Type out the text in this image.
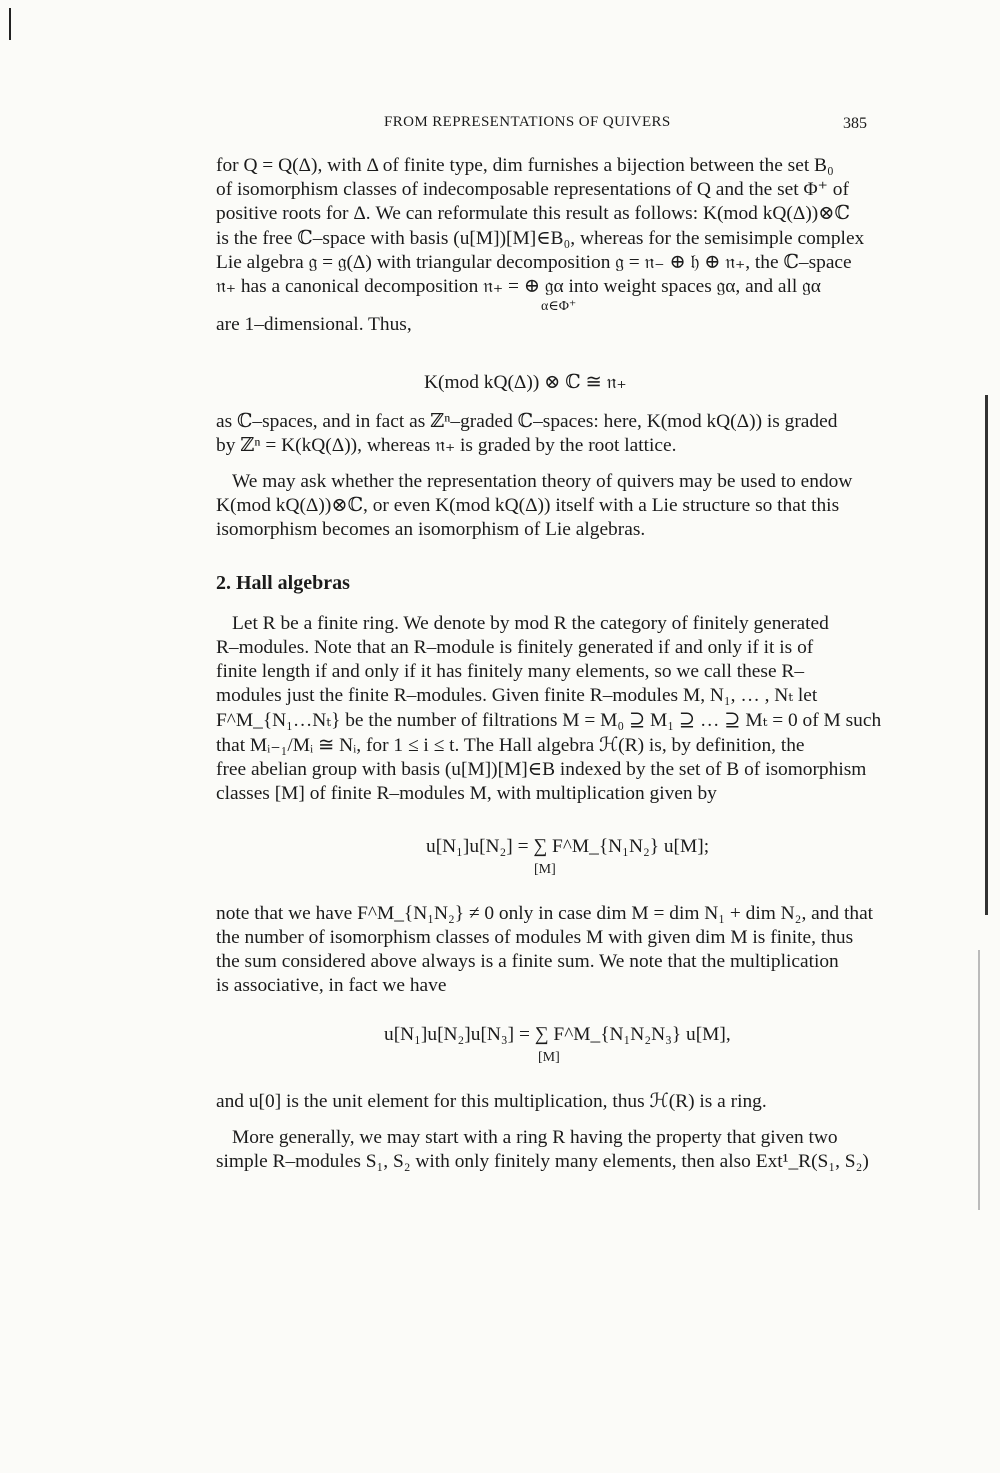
FROM REPRESENTATIONS OF QUIVERS	385
for Q = Q(Δ), with Δ of finite type, dim furnishes a bijection between the set B₀
of isomorphism classes of indecomposable representations of Q and the set Φ⁺ of
positive roots for Δ. We can reformulate this result as follows: K(mod kQ(Δ))⊗ℂ
is the free ℂ–space with basis (u[M])[M]∈B₀, whereas for the semisimple complex
Lie algebra 𝔤 = 𝔤(Δ) with triangular decomposition 𝔤 = 𝔫₋ ⊕ 𝔥 ⊕ 𝔫₊, the ℂ–space
𝔫₊ has a canonical decomposition 𝔫₊ = ⊕ 𝔤α into weight spaces 𝔤α, and all 𝔤α
α∈Φ⁺
are 1–dimensional. Thus,
K(mod kQ(Δ)) ⊗ ℂ ≅ 𝔫₊
as ℂ–spaces, and in fact as ℤⁿ–graded ℂ–spaces: here, K(mod kQ(Δ)) is graded
by ℤⁿ = K(kQ(Δ)), whereas 𝔫₊ is graded by the root lattice.
We may ask whether the representation theory of quivers may be used to endow
K(mod kQ(Δ))⊗ℂ, or even K(mod kQ(Δ)) itself with a Lie structure so that this
isomorphism becomes an isomorphism of Lie algebras.
2. Hall algebras
Let R be a finite ring. We denote by mod R the category of finitely generated
R–modules. Note that an R–module is finitely generated if and only if it is of
finite length if and only if it has finitely many elements, so we call these R–
modules just the finite R–modules. Given finite R–modules M, N₁, … , Nₜ let
F^M_{N₁…Nₜ} be the number of filtrations M = M₀ ⊇ M₁ ⊇ … ⊇ Mₜ = 0 of M such
that Mᵢ₋₁/Mᵢ ≅ Nᵢ, for 1 ≤ i ≤ t. The Hall algebra ℋ(R) is, by definition, the
free abelian group with basis (u[M])[M]∈B indexed by the set of B of isomorphism
classes [M] of finite R–modules M, with multiplication given by
u[N₁]u[N₂] = ∑ F^M_{N₁N₂} u[M];
[M]
note that we have F^M_{N₁N₂} ≠ 0 only in case dim M = dim N₁ + dim N₂, and that
the number of isomorphism classes of modules M with given dim M is finite, thus
the sum considered above always is a finite sum. We note that the multiplication
is associative, in fact we have
u[N₁]u[N₂]u[N₃] = ∑ F^M_{N₁N₂N₃} u[M],
[M]
and u[0] is the unit element for this multiplication, thus ℋ(R) is a ring.
More generally, we may start with a ring R having the property that given two
simple R–modules S₁, S₂ with only finitely many elements, then also Ext¹_R(S₁, S₂)
